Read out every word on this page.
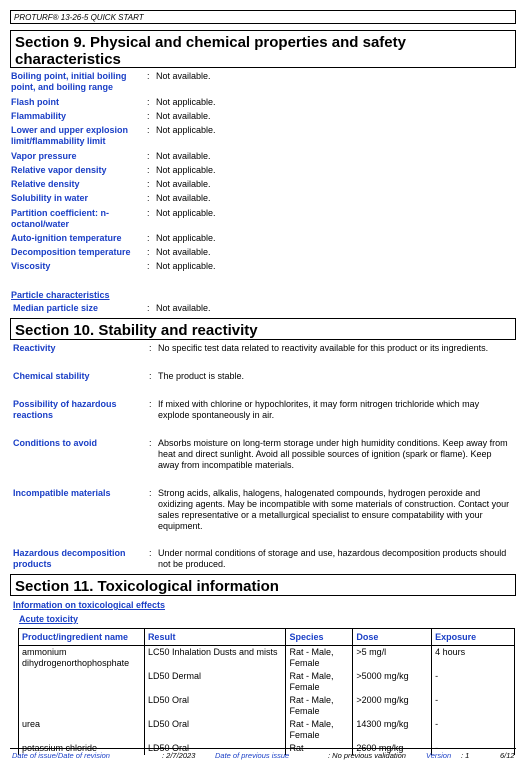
PROTURF® 13-26-5 QUICK START
Section 9. Physical and chemical properties and safety characteristics
Boiling point, initial boiling point, and boiling range
: Not available.
Flash point	: Not applicable.
Flammability	: Not available.
Lower and upper explosion limit/flammability limit
: Not applicable.
Vapor pressure	: Not available.
Relative vapor density	: Not applicable.
Relative density	: Not available.
Solubility in water	: Not available.
Partition coefficient: n-octanol/water
: Not applicable.
Auto-ignition temperature	: Not applicable.
Decomposition temperature	: Not available.
Viscosity	: Not applicable.
Particle characteristics
Median particle size	: Not available.
Section 10. Stability and reactivity
Reactivity	: No specific test data related to reactivity available for this product or its ingredients.
Chemical stability	: The product is stable.
Possibility of hazardous reactions
: If mixed with chlorine or hypochlorites, it may form nitrogen trichloride which may explode spontaneously in air.
Conditions to avoid	: Absorbs moisture on long-term storage under high humidity conditions. Keep away from heat and direct sunlight. Avoid all possible sources of ignition (spark or flame). Keep away from incompatible materials.
Incompatible materials	: Strong acids, alkalis, halogens, halogenated compounds, hydrogen peroxide and oxidizing agents. May be incompatible with some materials of construction. Contact your sales representative or a metallurgical specialist to ensure compatability with your equipment.
Hazardous decomposition products
: Under normal conditions of storage and use, hazardous decomposition products should not be produced.
Section 11. Toxicological information
Information on toxicological effects
Acute toxicity
Product/ingredient name	Result	Species	Dose	Exposure
ammonium dihydrogenorthophosphate	LC50 Inhalation Dusts and mists	Rat - Male, Female	>5 mg/l	4 hours
	LD50 Dermal	Rat - Male, Female	>5000 mg/kg	-
	LD50 Oral	Rat - Male, Female	>2000 mg/kg	-
urea	LD50 Oral	Rat - Male, Female	14300 mg/kg	-
potassium chloride	LD50 Oral	Rat	2600 mg/kg	-
Date of issue/Date of revision	: 2/7/2023	Date of previous issue	: No previous validation	Version : 1	6/12
